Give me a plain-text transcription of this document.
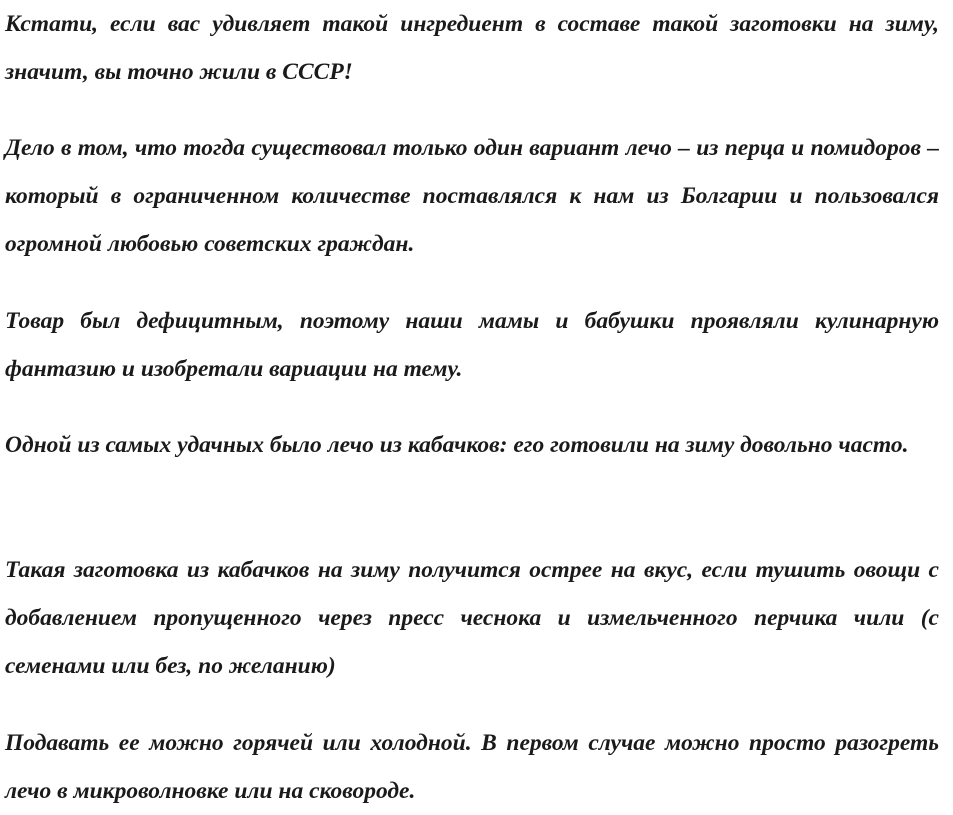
Кстати, если вас удивляет такой ингредиент в составе такой заготовки на зиму, значит, вы точно жили в СССР!

Дело в том, что тогда существовал только один вариант лечо – из перца и помидоров – который в ограниченном количестве поставлялся к нам из Болгарии и пользовался огромной любовью советских граждан.

Товар был дефицитным, поэтому наши мамы и бабушки проявляли кулинарную фантазию и изобретали вариации на тему.

Одной из самых удачных было лечо из кабачков: его готовили на зиму довольно часто.

Такая заготовка из кабачков на зиму получится острее на вкус, если тушить овощи с добавлением пропущенного через пресс чеснока и измельченного перчика чили (с семенами или без, по желанию)

Подавать ее можно горячей или холодной. В первом случае можно просто разогреть лечо в микроволновке или на сковороде.
